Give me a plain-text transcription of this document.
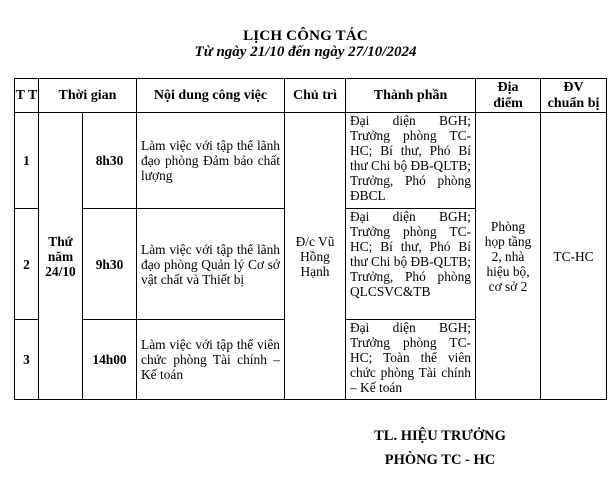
LỊCH CÔNG TÁC
Từ ngày 21/10 đến ngày 27/10/2024
T T	Thời gian		Nội dung công việc	Chủ trì	Thành phần	Địa điểm	ĐV chuẩn bị
1	Thứ năm 24/10	8h30	Làm việc với tập thể lãnh đạo phòng Đảm bảo chất lượng	Đ/c Vũ Hồng Hạnh	Đại diện BGH; Trưởng phòng TC-HC; Bí thư, Phó Bí thư Chi bộ ĐB-QLTB; Trưởng, Phó phòng ĐBCL	Phòng họp tầng 2, nhà hiệu bộ, cơ sở 2	TC-HC
2		9h30	Làm việc với tập thể lãnh đạo phòng Quản lý Cơ sở vật chất và Thiết bị		Đại diện BGH; Trưởng phòng TC-HC; Bí thư, Phó Bí thư Chi bộ ĐB-QLTB; Trưởng, Phó phòng QLCSVC&TB		
3		14h00	Làm việc với tập thể viên chức phòng Tài chính – Kế toán		Đại diện BGH; Trưởng phòng TC-HC; Toàn thể viên chức phòng Tài chính – Kế toán		
TL. HIỆU TRƯỞNG
PHÒNG TC - HC
